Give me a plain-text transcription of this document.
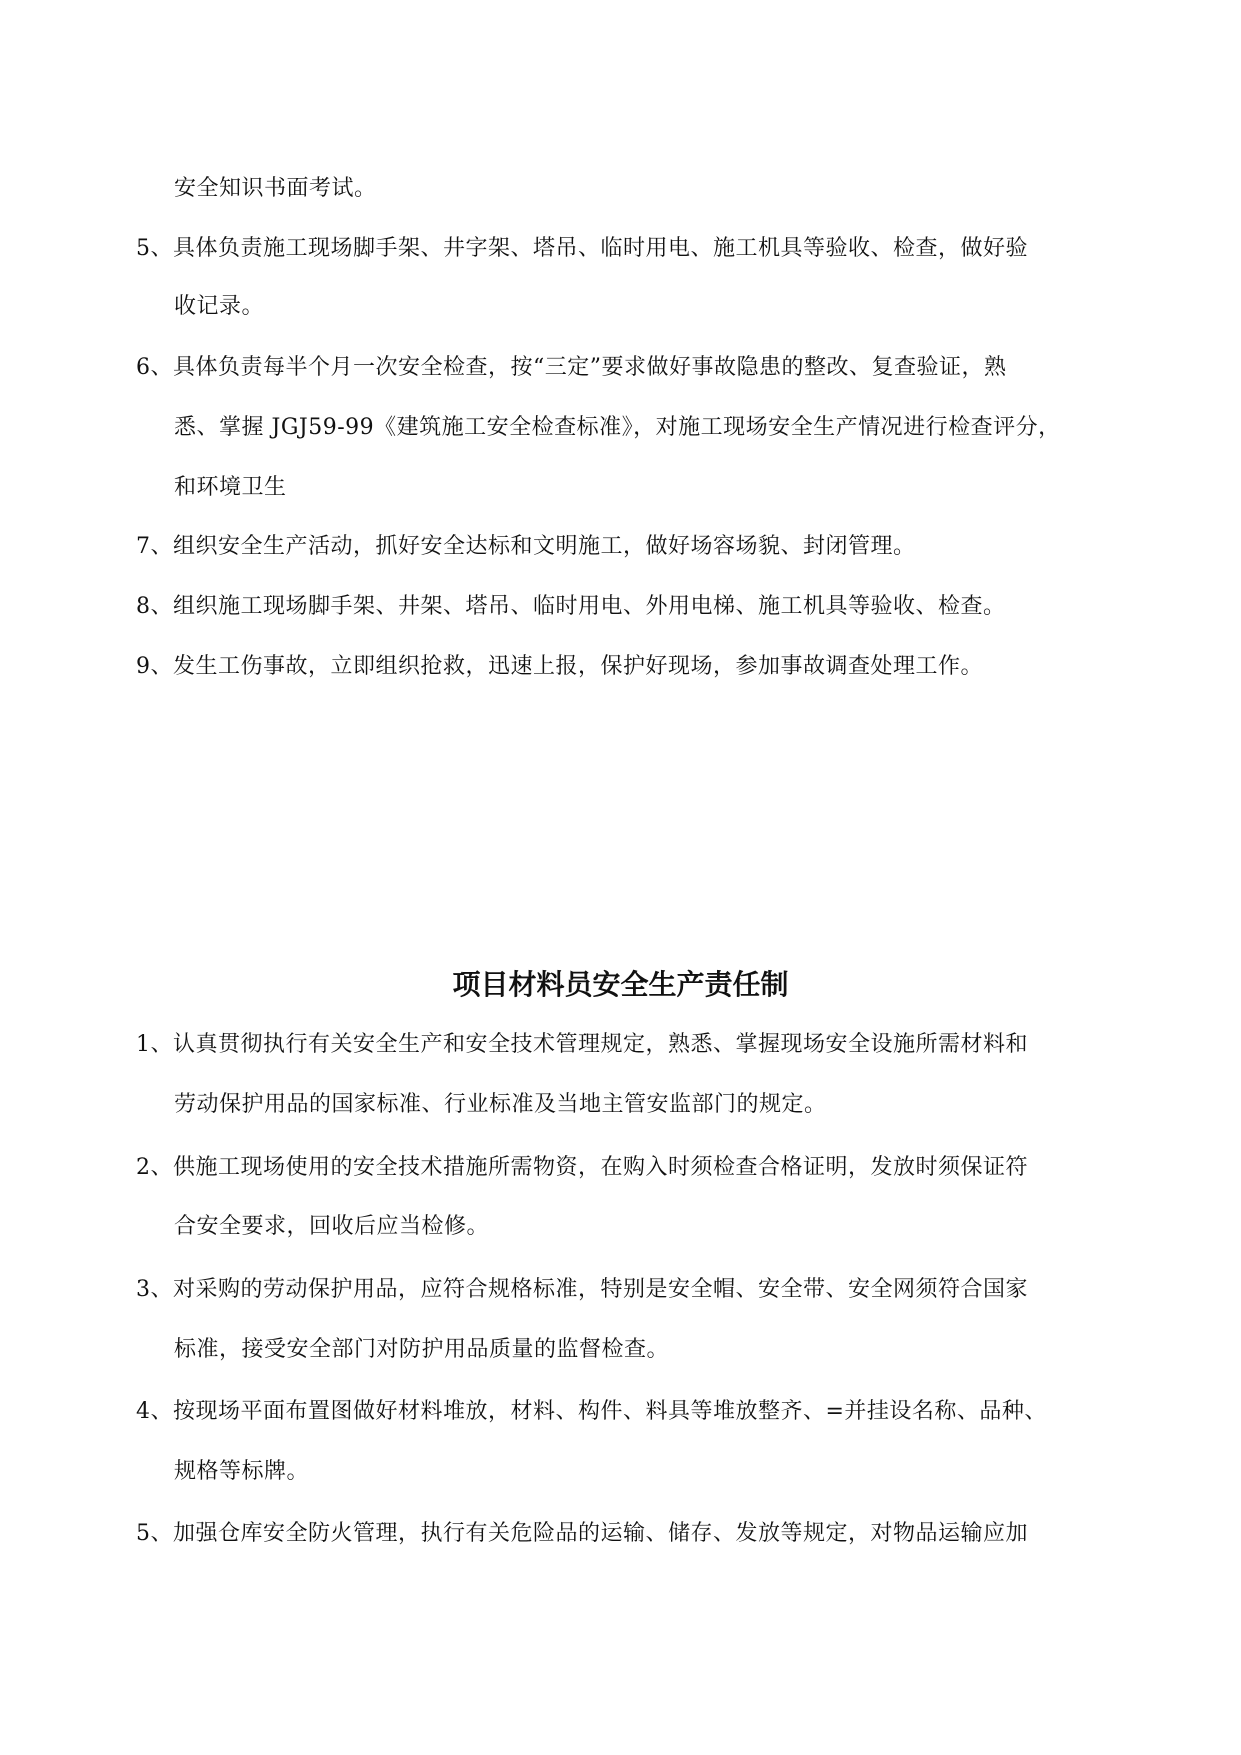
安全知识书面考试。
5、具体负责施工现场脚手架、井字架、塔吊、临时用电、施工机具等验收、检查，做好验
收记录。
6、具体负责每半个月一次安全检查，按“三定”要求做好事故隐患的整改、复查验证，熟
悉、掌握 JGJ59-99《建筑施工安全检查标准》，对施工现场安全生产情况进行检查评分，
和环境卫生
7、组织安全生产活动，抓好安全达标和文明施工，做好场容场貌、封闭管理。
8、组织施工现场脚手架、井架、塔吊、临时用电、外用电梯、施工机具等验收、检查。
9、发生工伤事故，立即组织抢救，迅速上报，保护好现场，参加事故调查处理工作。
项目材料员安全生产责任制
1、认真贯彻执行有关安全生产和安全技术管理规定，熟悉、掌握现场安全设施所需材料和
劳动保护用品的国家标准、行业标准及当地主管安监部门的规定。
2、供施工现场使用的安全技术措施所需物资，在购入时须检查合格证明，发放时须保证符
合安全要求，回收后应当检修。
3、对采购的劳动保护用品，应符合规格标准，特别是安全帽、安全带、安全网须符合国家
标准，接受安全部门对防护用品质量的监督检查。
4、按现场平面布置图做好材料堆放，材料、构件、料具等堆放整齐、=并挂设名称、品种、
规格等标牌。
5、加强仓库安全防火管理，执行有关危险品的运输、储存、发放等规定，对物品运输应加
